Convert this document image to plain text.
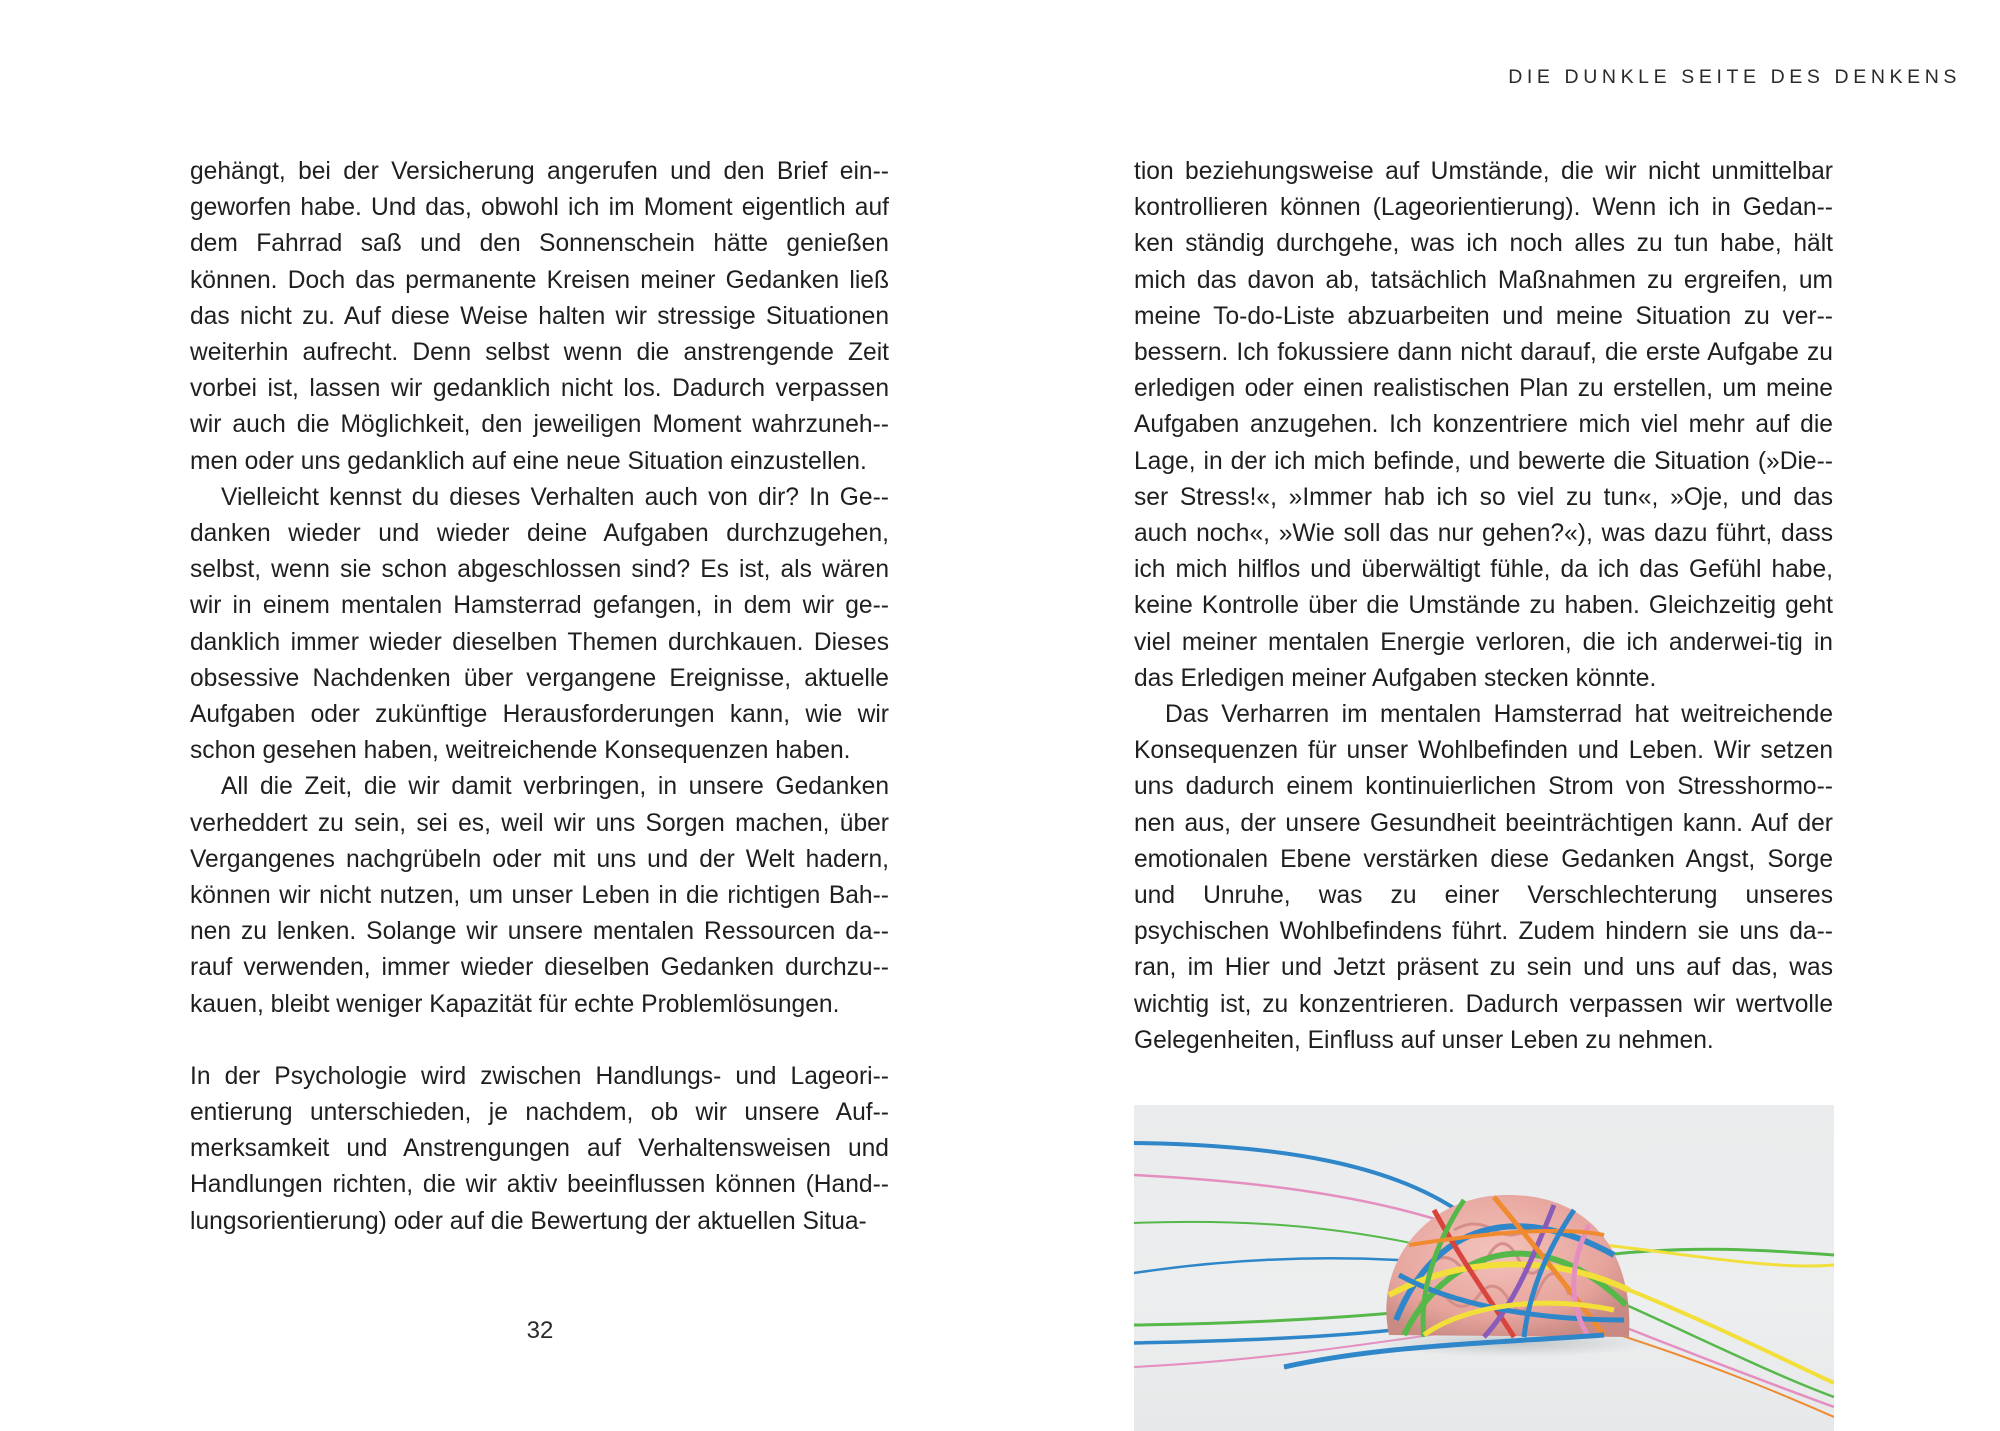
DIE DUNKLE SEITE DES DENKENS

gehängt, bei der Versicherung angerufen und den Brief ein-geworfen habe. Und das, obwohl ich im Moment eigentlich auf dem Fahrrad saß und den Sonnenschein hätte genießen können. Doch das permanente Kreisen meiner Gedanken ließ das nicht zu. Auf diese Weise halten wir stressige Situationen weiterhin aufrecht. Denn selbst wenn die anstrengende Zeit vorbei ist, lassen wir gedanklich nicht los. Dadurch verpassen wir auch die Möglichkeit, den jeweiligen Moment wahrzuneh-men oder uns gedanklich auf eine neue Situation einzustellen.

Vielleicht kennst du dieses Verhalten auch von dir? In Ge-danken wieder und wieder deine Aufgaben durchzugehen, selbst, wenn sie schon abgeschlossen sind? Es ist, als wären wir in einem mentalen Hamsterrad gefangen, in dem wir ge-danklich immer wieder dieselben Themen durchkauen. Dieses obsessive Nachdenken über vergangene Ereignisse, aktuelle Aufgaben oder zukünftige Herausforderungen kann, wie wir schon gesehen haben, weitreichende Konsequenzen haben.

All die Zeit, die wir damit verbringen, in unsere Gedanken verheddert zu sein, sei es, weil wir uns Sorgen machen, über Vergangenes nachgrübeln oder mit uns und der Welt hadern, können wir nicht nutzen, um unser Leben in die richtigen Bah-nen zu lenken. Solange wir unsere mentalen Ressourcen da-rauf verwenden, immer wieder dieselben Gedanken durchzu-kauen, bleibt weniger Kapazität für echte Problemlösungen.

In der Psychologie wird zwischen Handlungs- und Lageori-entierung unterschieden, je nachdem, ob wir unsere Auf-merksamkeit und Anstrengungen auf Verhaltensweisen und Handlungen richten, die wir aktiv beeinflussen können (Hand-lungsorientierung) oder auf die Bewertung der aktuellen Situa-

tion beziehungsweise auf Umstände, die wir nicht unmittelbar kontrollieren können (Lageorientierung). Wenn ich in Gedan-ken ständig durchgehe, was ich noch alles zu tun habe, hält mich das davon ab, tatsächlich Maßnahmen zu ergreifen, um meine To-do-Liste abzuarbeiten und meine Situation zu ver-bessern. Ich fokussiere dann nicht darauf, die erste Aufgabe zu erledigen oder einen realistischen Plan zu erstellen, um meine Aufgaben anzugehen. Ich konzentriere mich viel mehr auf die Lage, in der ich mich befinde, und bewerte die Situation (»Die-ser Stress!«, »Immer hab ich so viel zu tun«, »Oje, und das auch noch«, »Wie soll das nur gehen?«), was dazu führt, dass ich mich hilflos und überwältigt fühle, da ich das Gefühl habe, keine Kontrolle über die Umstände zu haben. Gleichzeitig geht viel meiner mentalen Energie verloren, die ich anderwei-tig in das Erledigen meiner Aufgaben stecken könnte.

Das Verharren im mentalen Hamsterrad hat weitreichende Konsequenzen für unser Wohlbefinden und Leben. Wir setzen uns dadurch einem kontinuierlichen Strom von Stresshormo-nen aus, der unsere Gesundheit beeinträchtigen kann. Auf der emotionalen Ebene verstärken diese Gedanken Angst, Sorge und Unruhe, was zu einer Verschlechterung unseres psychischen Wohlbefindens führt. Zudem hindern sie uns da-ran, im Hier und Jetzt präsent zu sein und uns auf das, was wichtig ist, zu konzentrieren. Dadurch verpassen wir wertvolle Gelegenheiten, Einfluss auf unser Leben zu nehmen.

32
